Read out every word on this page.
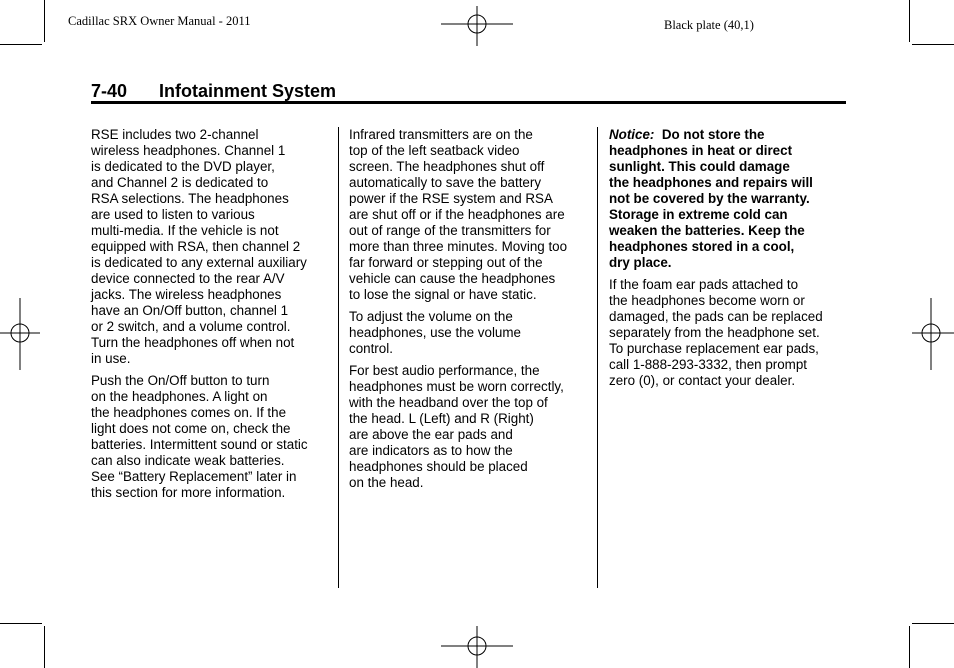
Cadillac SRX Owner Manual - 2011	Black plate (40,1)
7-40 Infotainment System

RSE includes two 2-channel
wireless headphones. Channel 1
is dedicated to the DVD player,
and Channel 2 is dedicated to
RSA selections. The headphones
are used to listen to various
multi-media. If the vehicle is not
equipped with RSA, then channel 2
is dedicated to any external auxiliary
device connected to the rear A/V
jacks. The wireless headphones
have an On/Off button, channel 1
or 2 switch, and a volume control.
Turn the headphones off when not
in use.

Push the On/Off button to turn
on the headphones. A light on
the headphones comes on. If the
light does not come on, check the
batteries. Intermittent sound or static
can also indicate weak batteries.
See “Battery Replacement” later in
this section for more information.

Infrared transmitters are on the
top of the left seatback video
screen. The headphones shut off
automatically to save the battery
power if the RSE system and RSA
are shut off or if the headphones are
out of range of the transmitters for
more than three minutes. Moving too
far forward or stepping out of the
vehicle can cause the headphones
to lose the signal or have static.

To adjust the volume on the
headphones, use the volume
control.

For best audio performance, the
headphones must be worn correctly,
with the headband over the top of
the head. L (Left) and R (Right)
are above the ear pads and
are indicators as to how the
headphones should be placed
on the head.

Notice: Do not store the
headphones in heat or direct
sunlight. This could damage
the headphones and repairs will
not be covered by the warranty.
Storage in extreme cold can
weaken the batteries. Keep the
headphones stored in a cool,
dry place.

If the foam ear pads attached to
the headphones become worn or
damaged, the pads can be replaced
separately from the headphone set.
To purchase replacement ear pads,
call 1-888-293-3332, then prompt
zero (0), or contact your dealer.
